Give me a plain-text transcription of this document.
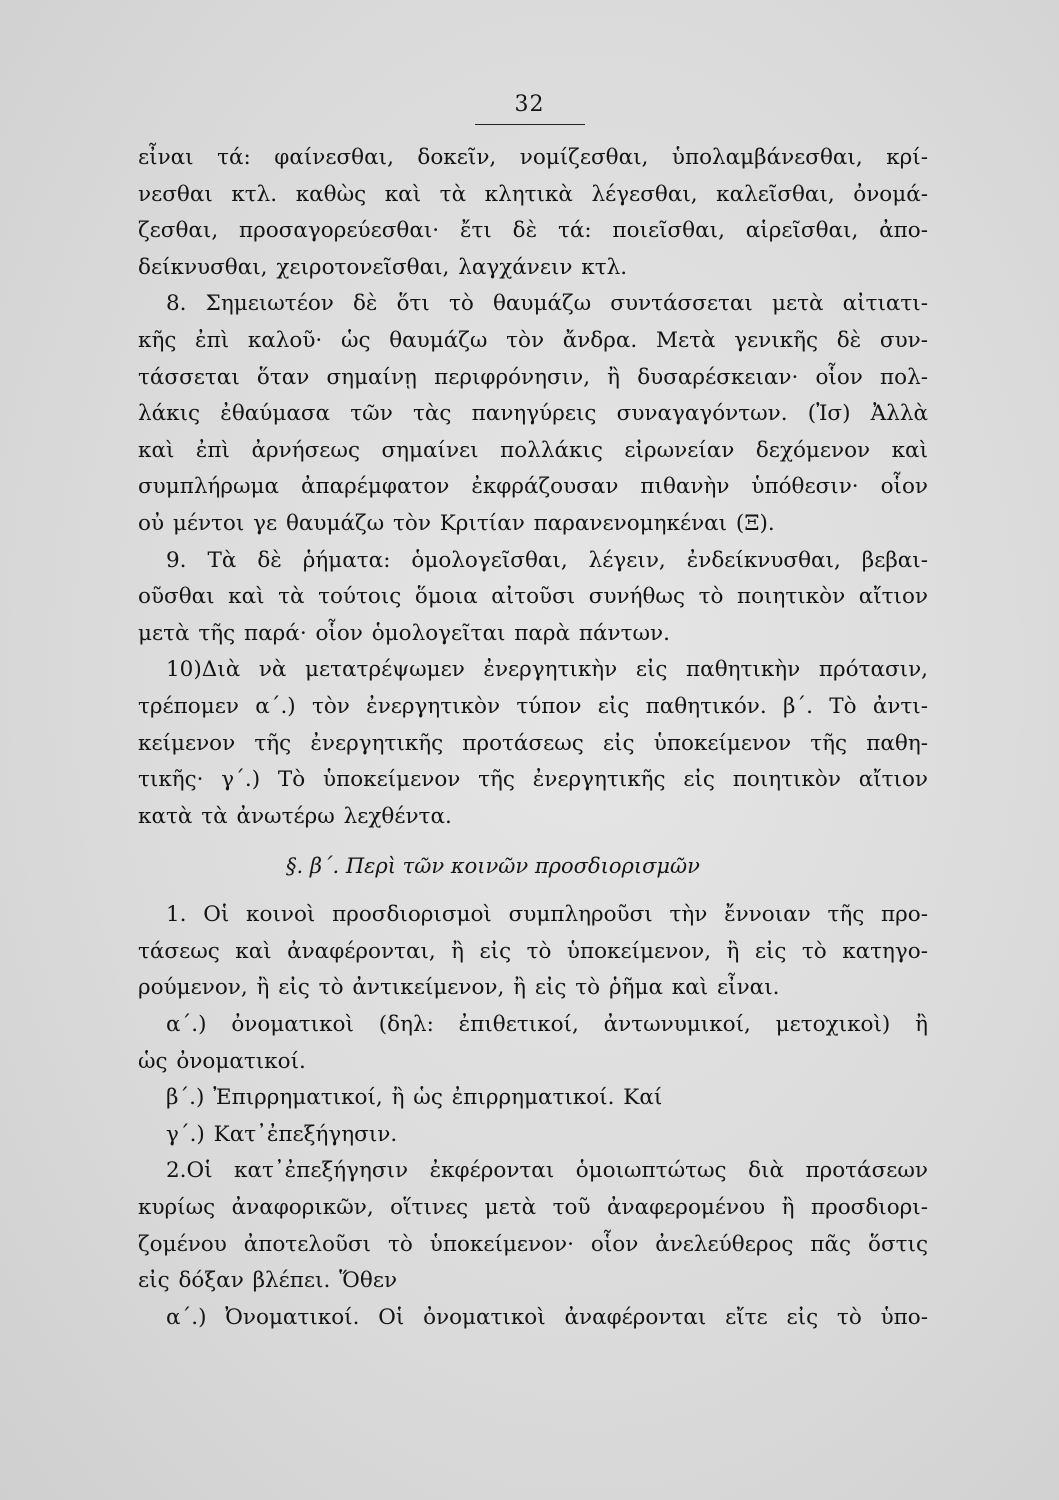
32
εἶναι τά: φαίνεσθαι, δοκεῖν, νομίζεσθαι, ὑπολαμβάνεσθαι, κρί-
νεσθαι κτλ. καθὼς καὶ τὰ κλητικὰ λέγεσθαι, καλεῖσθαι, ὀνομά-
ζεσθαι, προσαγορεύεσθαι· ἔτι δὲ τά: ποιεῖσθαι, αἱρεῖσθαι, ἀπο-
δείκνυσθαι, χειροτονεῖσθαι, λαγχάνειν κτλ.
8. Σημειωτέον δὲ ὅτι τὸ θαυμάζω συντάσσεται μετὰ αἰτιατι-
κῆς ἐπὶ καλοῦ· ὡς θαυμάζω τὸν ἄνδρα. Μετὰ γενικῆς δὲ συν-
τάσσεται ὅταν σημαίνῃ περιφρόνησιν, ἢ δυσαρέσκειαν· οἷον πολ-
λάκις ἐθαύμασα τῶν τὰς πανηγύρεις συναγαγόντων. (Ἰσ) Ἀλλὰ
καὶ ἐπὶ ἀρνήσεως σημαίνει πολλάκις εἰρωνείαν δεχόμενον καὶ
συμπλήρωμα ἀπαρέμφατον ἐκφράζουσαν πιθανὴν ὑπόθεσιν· οἷον
οὐ μέντοι γε θαυμάζω τὸν Κριτίαν παρανενομηκέναι (Ξ).
9. Τὰ δὲ ῥήματα: ὁμολογεῖσθαι, λέγειν, ἐνδείκνυσθαι, βεβαι-
οῦσθαι καὶ τὰ τούτοις ὅμοια αἰτοῦσι συνήθως τὸ ποιητικὸν αἴτιον
μετὰ τῆς παρά· οἷον ὁμολογεῖται παρὰ πάντων.
10)Διὰ νὰ μετατρέψωμεν ἐνεργητικὴν εἰς παθητικὴν πρότασιν,
τρέπομεν α΄.) τὸν ἐνεργητικὸν τύπον εἰς παθητικόν. β΄. Τὸ ἀντι-
κείμενον τῆς ἐνεργητικῆς προτάσεως εἰς ὑποκείμενον τῆς παθη-
τικῆς· γ΄.) Τὸ ὑποκείμενον τῆς ἐνεργητικῆς εἰς ποιητικὸν αἴτιον
κατὰ τὰ ἀνωτέρω λεχθέντα.
§. β΄. Περὶ τῶν κοινῶν προσδιορισμῶν
1. Οἱ κοινοὶ προσδιορισμοὶ συμπληροῦσι τὴν ἔννοιαν τῆς προ-
τάσεως καὶ ἀναφέρονται, ἢ εἰς τὸ ὑποκείμενον, ἢ εἰς τὸ κατηγο-
ρούμενον, ἢ εἰς τὸ ἀντικείμενον, ἢ εἰς τὸ ῥῆμα καὶ εἶναι.
α΄.) ὀνοματικοὶ (δηλ: ἐπιθετικοί, ἀντωνυμικοί, μετοχικοὶ) ἢ
ὡς ὀνοματικοί.
β΄.) Ἐπιρρηματικοί, ἢ ὡς ἐπιρρηματικοί. Καί
γ΄.) Κατ᾽ἐπεξήγησιν.
2.Οἱ κατ᾽ἐπεξήγησιν ἐκφέρονται ὁμοιωπτώτως διὰ προτάσεων
κυρίως ἀναφορικῶν, οἵτινες μετὰ τοῦ ἀναφερομένου ἢ προσδιορι-
ζομένου ἀποτελοῦσι τὸ ὑποκείμενον· οἷον ἀνελεύθερος πᾶς ὅστις
εἰς δόξαν βλέπει. Ὅθεν
α΄.) Ὀνοματικοί. Οἱ ὀνοματικοὶ ἀναφέρονται εἴτε εἰς τὸ ὑπο-
